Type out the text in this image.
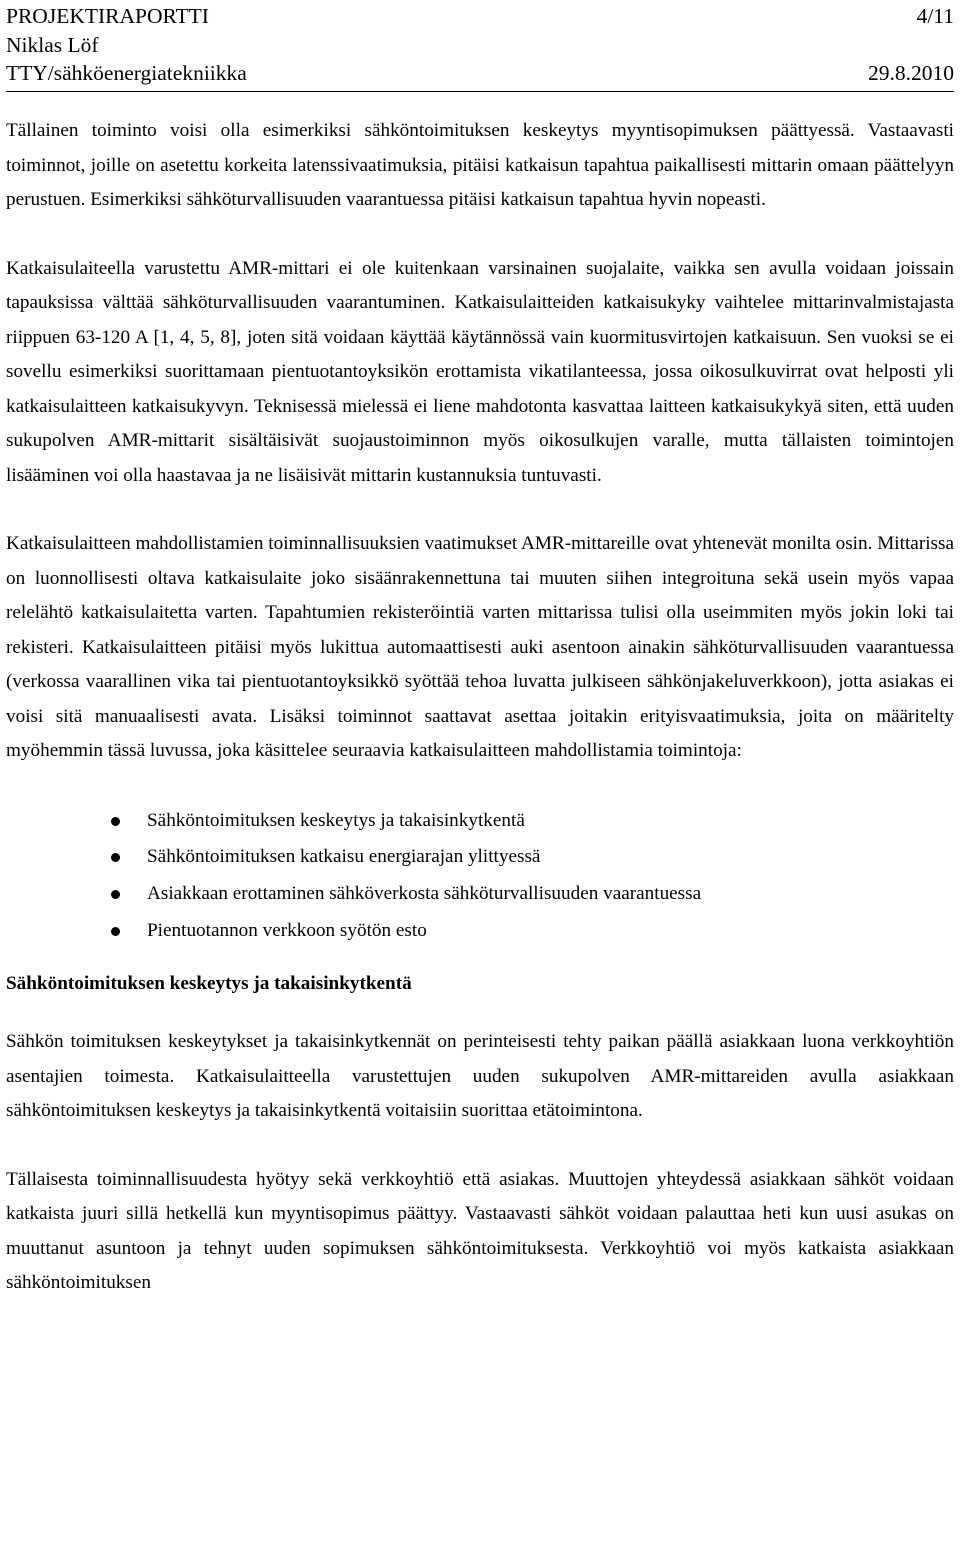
PROJEKTIRAPORTTI	4/11
Niklas Löf
TTY/sähköenergiatekniikka	29.8.2010

Tällainen toiminto voisi olla esimerkiksi sähköntoimituksen keskeytys myyntisopimuksen päättyessä. Vastaavasti toiminnot, joille on asetettu korkeita latenssivaatimuksia, pitäisi katkaisun tapahtua paikallisesti mittarin omaan päättelyyn perustuen. Esimerkiksi sähköturvallisuuden vaarantuessa pitäisi katkaisun tapahtua hyvin nopeasti.

Katkaisulaiteella varustettu AMR-mittari ei ole kuitenkaan varsinainen suojalaite, vaikka sen avulla voidaan joissain tapauksissa välttää sähköturvallisuuden vaarantuminen. Katkaisulaitteiden katkaisukyky vaihtelee mittarinvalmistajasta riippuen 63-120 A [1, 4, 5, 8], joten sitä voidaan käyttää käytännössä vain kuormitusvirtojen katkaisuun. Sen vuoksi se ei sovellu esimerkiksi suorittamaan pientuotantoyksikön erottamista vikatilanteessa, jossa oikosulkuvirrat ovat helposti yli katkaisulaitteen katkaisukyvyn. Teknisessä mielessä ei liene mahdotonta kasvattaa laitteen katkaisukykyä siten, että uuden sukupolven AMR-mittarit sisältäisivät suojaustoiminnon myös oikosulkujen varalle, mutta tällaisten toimintojen lisääminen voi olla haastavaa ja ne lisäisivät mittarin kustannuksia tuntuvasti.

Katkaisulaitteen mahdollistamien toiminnallisuuksien vaatimukset AMR-mittareille ovat yhtenevät monilta osin. Mittarissa on luonnollisesti oltava katkaisulaite joko sisäänrakennettuna tai muuten siihen integroituna sekä usein myös vapaa relelähtö katkaisulaitetta varten. Tapahtumien rekisteröintiä varten mittarissa tulisi olla useimmiten myös jokin loki tai rekisteri. Katkaisulaitteen pitäisi myös lukittua automaattisesti auki asentoon ainakin sähköturvallisuuden vaarantuessa (verkossa vaarallinen vika tai pientuotantoyksikkö syöttää tehoa luvatta julkiseen sähkönjakeluverkkoon), jotta asiakas ei voisi sitä manuaalisesti avata. Lisäksi toiminnot saattavat asettaa joitakin erityisvaatimuksia, joita on määritelty myöhemmin tässä luvussa, joka käsittelee seuraavia katkaisulaitteen mahdollistamia toimintoja:

Sähköntoimituksen keskeytys ja takaisinkytkentä
Sähköntoimituksen katkaisu energiarajan ylittyessä
Asiakkaan erottaminen sähköverkosta sähköturvallisuuden vaarantuessa
Pientuotannon verkkoon syötön esto
Sähköntoimituksen keskeytys ja takaisinkytkentä

Sähkön toimituksen keskeytykset ja takaisinkytkennät on perinteisesti tehty paikan päällä asiakkaan luona verkkoyhtiön asentajien toimesta. Katkaisulaitteella varustettujen uuden sukupolven AMR-mittareiden avulla asiakkaan sähköntoimituksen keskeytys ja takaisinkytkentä voitaisiin suorittaa etätoimintona.

Tällaisesta toiminnallisuudesta hyötyy sekä verkkoyhtiö että asiakas. Muuttojen yhteydessä asiakkaan sähköt voidaan katkaista juuri sillä hetkellä kun myyntisopimus päättyy. Vastaavasti sähköt voidaan palauttaa heti kun uusi asukas on muuttanut asuntoon ja tehnyt uuden sopimuksen sähköntoimituksesta. Verkkoyhtiö voi myös katkaista asiakkaan sähköntoimituksen
